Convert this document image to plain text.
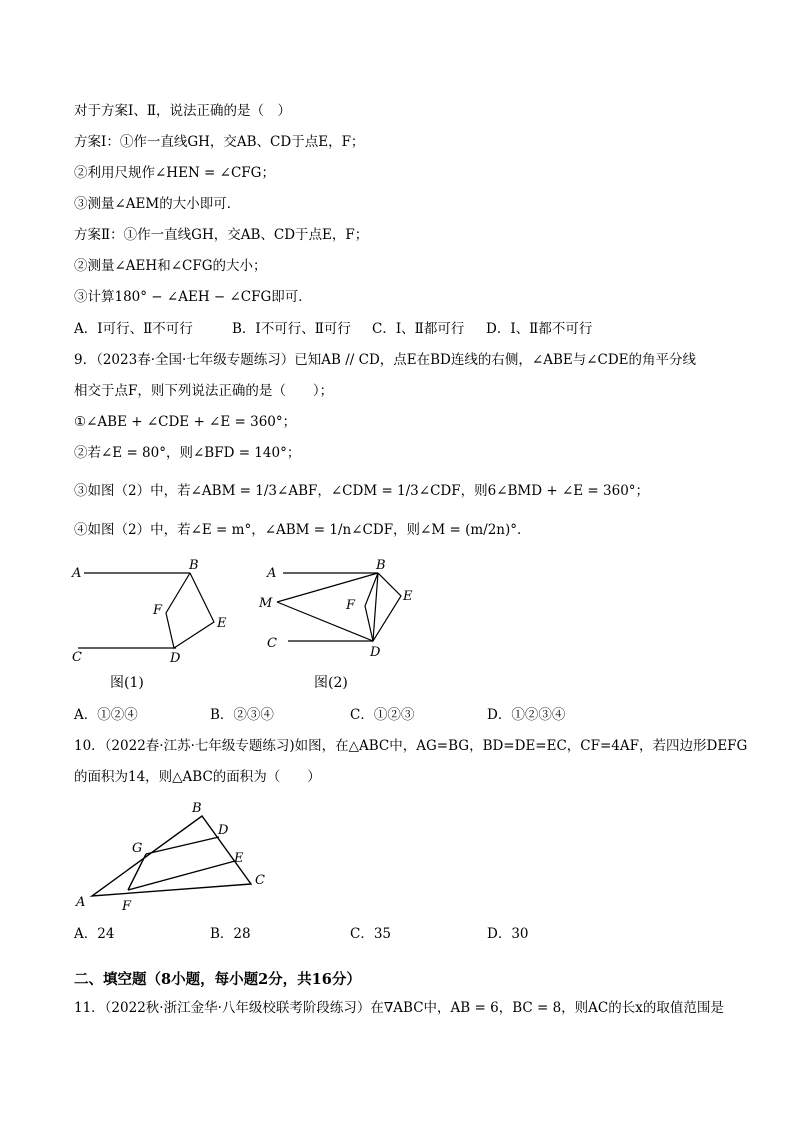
对于方案Ⅰ、Ⅱ，说法正确的是（　）
方案Ⅰ：①作一直线GH，交AB、CD于点E，F；
②利用尺规作∠HEN = ∠CFG；
③测量∠AEM的大小即可．
方案Ⅱ：①作一直线GH，交AB、CD于点E，F；
②测量∠AEH和∠CFG的大小；
③计算180° − ∠AEH − ∠CFG即可．
A．Ⅰ可行、Ⅱ不可行	B．Ⅰ不可行、Ⅱ可行 C．Ⅰ、Ⅱ都可行 D．Ⅰ、Ⅱ都不可行
9．（2023春·全国·七年级专题练习）已知AB // CD，点E在BD连线的右侧，∠ABE与∠CDE的角平分线
相交于点F，则下列说法正确的是（　　）；
①∠ABE + ∠CDE + ∠E = 360°；
②若∠E = 80°，则∠BFD = 140°；
③如图（2）中，若∠ABM = 1/3∠ABF，∠CDM = 1/3∠CDF，则6∠BMD + ∠E = 360°；
④如图（2）中，若∠E = m°，∠ABM = 1/n∠CDF，则∠M = (m/2n)°．
A
B
F
E
C	D
图(1)
A
B
M	F
E
C
D
图(2)
A．①②④	B．②③④	C．①②③	D．①②③④
10．（2022春·江苏·七年级专题练习)如图，在△ABC中，AG=BG，BD=DE=EC，CF=4AF，若四边形DEFG
的面积为14，则△ABC的面积为（　　）
B
D
G
E
C
A	F
A．24	B．28	C．35	D．30
二、填空题（8小题，每小题2分，共16分）
11．（2022秋·浙江金华·八年级校联考阶段练习）在∇ABC中，AB = 6，BC = 8，则AC的长x的取值范围是
